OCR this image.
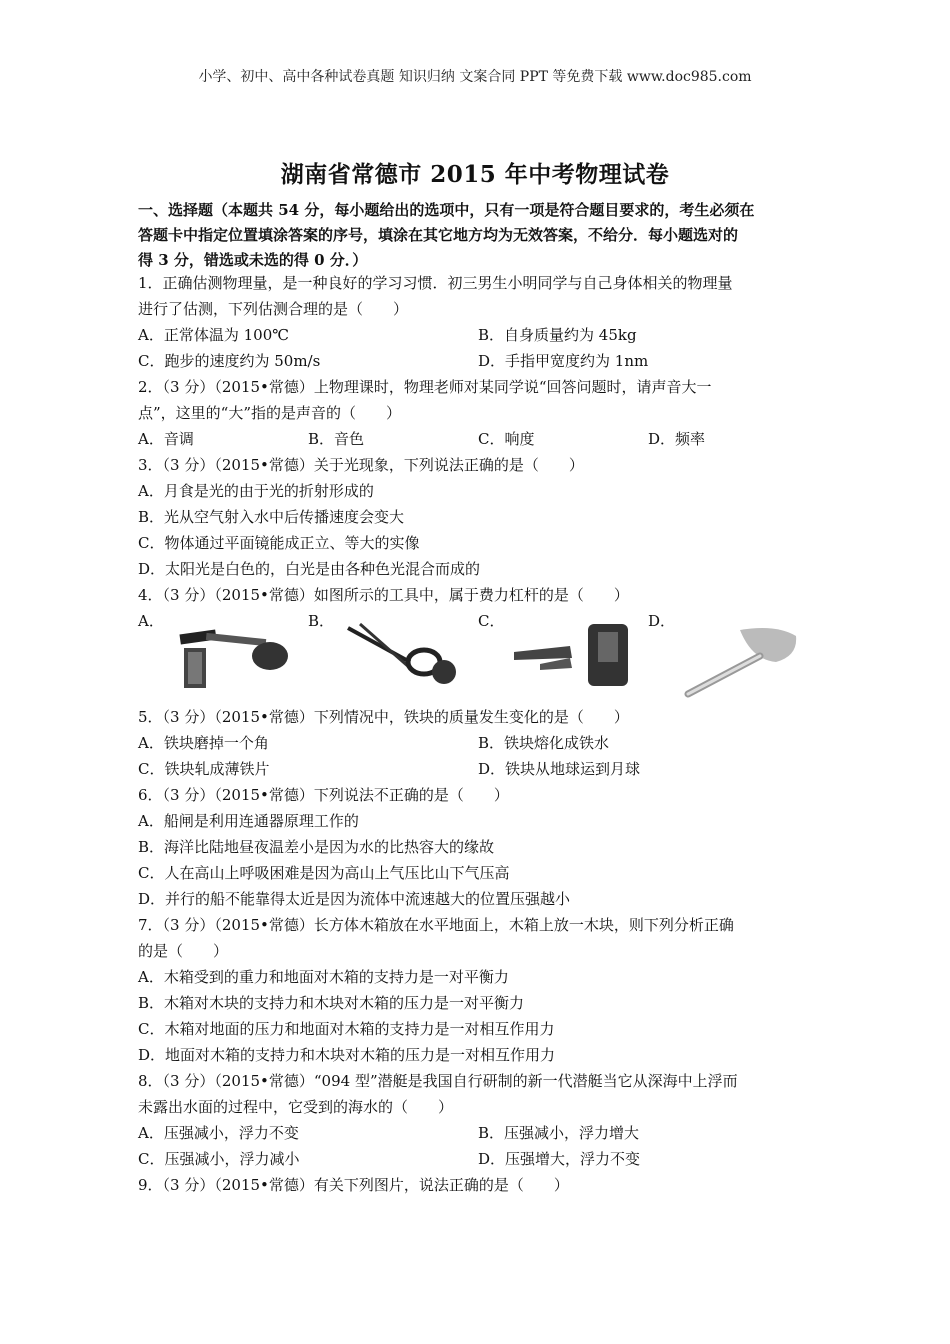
小学、初中、高中各种试卷真题 知识归纳 文案合同 PPT 等免费下载 www.doc985.com
湖南省常德市 2015 年中考物理试卷
一、选择题（本题共 54 分，每小题给出的选项中，只有一项是符合题目要求的，考生必须在
答题卡中指定位置填涂答案的序号，填涂在其它地方均为无效答案，不给分．每小题选对的
得 3 分，错选或未选的得 0 分．）
1．正确估测物理量，是一种良好的学习习惯．初三男生小明同学与自己身体相关的物理量
进行了估测，下列估测合理的是（　　）
A．正常体温为 100℃	B．自身质量约为 45kg
C．跑步的速度约为 50m/s	D．手指甲宽度约为 1nm
2．（3 分）（2015•常德）上物理课时，物理老师对某同学说“回答问题时，请声音大一
点”，这里的“大”指的是声音的（　　）
A．音调	B．音色	C．响度	D．频率
3．（3 分）（2015•常德）关于光现象，下列说法正确的是（　　）
A．月食是光的由于光的折射形成的
B．光从空气射入水中后传播速度会变大
C．物体通过平面镜能成正立、等大的实像
D．太阳光是白色的，白光是由各种色光混合而成的
4．（3 分）（2015•常德）如图所示的工具中，属于费力杠杆的是（　　）
A．	B．	C．	D．
5．（3 分）（2015•常德）下列情况中，铁块的质量发生变化的是（　　）
A．铁块磨掉一个角	B．铁块熔化成铁水
C．铁块轧成薄铁片	D．铁块从地球运到月球
6．（3 分）（2015•常德）下列说法不正确的是（　　）
A．船闸是利用连通器原理工作的
B．海洋比陆地昼夜温差小是因为水的比热容大的缘故
C．人在高山上呼吸困难是因为高山上气压比山下气压高
D．并行的船不能靠得太近是因为流体中流速越大的位置压强越小
7．（3 分）（2015•常德）长方体木箱放在水平地面上，木箱上放一木块，则下列分析正确
的是（　　）
A．木箱受到的重力和地面对木箱的支持力是一对平衡力
B．木箱对木块的支持力和木块对木箱的压力是一对平衡力
C．木箱对地面的压力和地面对木箱的支持力是一对相互作用力
D．地面对木箱的支持力和木块对木箱的压力是一对相互作用力
8．（3 分）（2015•常德）“094 型”潜艇是我国自行研制的新一代潜艇当它从深海中上浮而
未露出水面的过程中，它受到的海水的（　　）
A．压强减小，浮力不变	B．压强减小，浮力增大
C．压强减小，浮力减小	D．压强增大，浮力不变
9．（3 分）（2015•常德）有关下列图片，说法正确的是（　　）
